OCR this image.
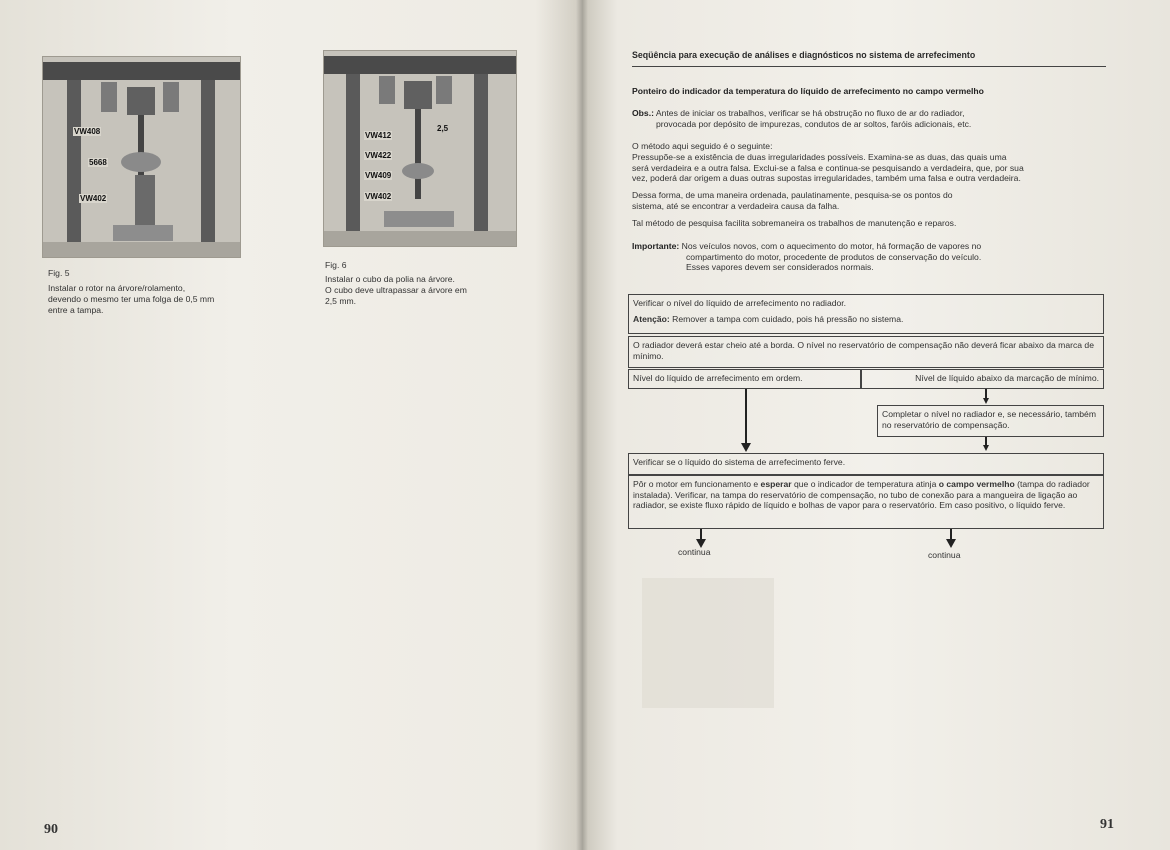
VW408
5668
VW402
Fig. 5
Instalar o rotor na árvore/rolamento,
devendo o mesmo ter uma folga de 0,5 mm
entre a tampa.
VW412
2,5
VW422
VW409
VW402
Fig. 6
Instalar o cubo da polia na árvore.
O cubo deve ultrapassar a árvore em
2,5 mm.
90
Seqüência para execução de análises e diagnósticos no sistema de arrefecimento
Ponteiro do indicador da temperatura do líquido de arrefecimento no campo vermelho
Obs.: Antes de iniciar os trabalhos, verificar se há obstrução no fluxo de ar do radiador,
provocada por depósito de impurezas, condutos de ar soltos, faróis adicionais, etc.
O método aqui seguido é o seguinte:
Pressupõe-se a existência de duas irregularidades possíveis. Examina-se as duas, das quais uma
será verdadeira e a outra falsa. Exclui-se a falsa e continua-se pesquisando a verdadeira, que, por sua
vez, poderá dar origem a duas outras supostas irregularidades, também uma falsa e outra verdadeira.
Dessa forma, de uma maneira ordenada, paulatinamente, pesquisa-se os pontos do
sistema, até se encontrar a verdadeira causa da falha.
Tal método de pesquisa facilita sobremaneira os trabalhos de manutenção e reparos.
Importante: Nos veículos novos, com o aquecimento do motor, há formação de vapores no
compartimento do motor, procedente de produtos de conservação do veículo.
Esses vapores devem ser considerados normais.
Verificar o nível do líquido de arrefecimento no radiador.
Atenção: Remover a tampa com cuidado, pois há pressão no sistema.
O radiador deverá estar cheio até a borda. O nível no reservatório de compensação não deverá ficar abaixo da marca de mínimo.
Nível do líquido de arrefecimento em ordem.	Nível de líquido abaixo da marcação de mínimo.
Completar o nível no radiador e, se necessário, também no reservatório de compensação.
Verificar se o líquido do sistema de arrefecimento ferve.
Pôr o motor em funcionamento e esperar que o indicador de temperatura atinja o campo vermelho (tampa do radiador instalada). Verificar, na tampa do reservatório de compensação, no tubo de conexão para a mangueira de ligação ao radiador, se existe fluxo rápido de líquido e bolhas de vapor para o reservatório. Em caso positivo, o líquido ferve.
continua	continua
91
